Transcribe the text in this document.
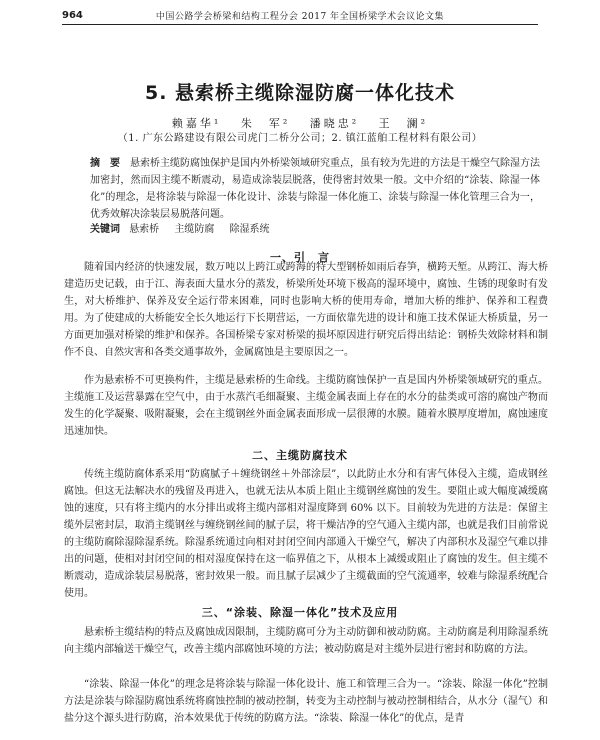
964	中国公路学会桥梁和结构工程分会 2017 年全国桥梁学术会议论文集
5. 悬索桥主缆除湿防腐一体化技术
赖嘉华¹ 朱　军² 潘晓忠² 王　澜²
（1. 广东公路建设有限公司虎门二桥分公司；2. 镇江蓝舶工程材料有限公司）
摘　要 悬索桥主缆防腐蚀保护是国内外桥梁领域研究重点，虽有较为先进的方法是干燥空气除湿方法加密封，然而因主缆不断震动，易造成涂装层脱落，使得密封效果一般。文中介绍的“涂装、除湿一体化”的理念，是将涂装与除湿一体化设计、涂装与除湿一体化施工、涂装与除湿一体化管理三合为一，优秀效解决涂装层易脱落问题。
关键词 悬索桥 主缆防腐 除湿系统
一、引　言

随着国内经济的快速发展，数万吨以上跨江或跨海的特大型钢桥如雨后春笋，横跨天堑。从跨江、海大桥建造历史记载，由于江、海表面大量水分的蒸发，桥梁所处环境下极高的湿环境中，腐蚀、生锈的现象时有发生，对大桥维护、保养及安全运行带来困难，同时也影响大桥的使用寿命，增加大桥的维护、保养和工程费用。为了使建成的大桥能安全长久地运行下长期营运，一方面依靠先进的设计和施工技术保证大桥质量，另一方面更加强对桥梁的维护和保养。各国桥梁专家对桥梁的损坏原因进行研究后得出结论：钢桥失效除材料和制作不良、自然灾害和各类交通事故外，金属腐蚀是主要原因之一。

作为悬索桥不可更换构件，主缆是悬索桥的生命线。主缆防腐蚀保护一直是国内外桥梁领域研究的重点。主缆施工及运营暴露在空气中，由于水蒸汽毛细凝聚、主缆金属表面上存在的水分的盐类或可溶的腐蚀产物而发生的化学凝聚、吸附凝聚，会在主缆钢丝外面金属表面形成一层很薄的水膜。随着水膜厚度增加，腐蚀速度迅速加快。

二、主缆防腐技术

传统主缆防腐体系采用“防腐腻子＋缠绕钢丝＋外部涂层”，以此防止水分和有害气体侵入主缆，造成钢丝腐蚀。但这无法解决水的残留及再进入，也就无法从本质上阻止主缆钢丝腐蚀的发生。要阻止或大幅度减缓腐蚀的速度，只有将主缆内的水分排出或将主缆内部相对湿度降到 60% 以下。目前较为先进的方法是：保留主缆外层密封层，取消主缆钢丝与缠绕钢丝间的腻子层，将干燥洁净的空气通入主缆内部，也就是我们目前常说的主缆防腐除湿除湿系统。除湿系统通过向相对封闭空间内部通入干燥空气，解决了内部积水及湿空气难以排出的问题，使相对封闭空间的相对湿度保持在这一临界值之下，从根本上减缓或阻止了腐蚀的发生。但主缆不断震动，造成涂装层易脱落，密封效果一般。而且腻子层减少了主缆截面的空气流通率，较难与除湿系统配合使用。

三、“涂装、除湿一体化”技术及应用

悬索桥主缆结构的特点及腐蚀成因限制，主缆防腐可分为主动防御和被动防腐。主动防腐是利用除湿系统向主缆内部输送干燥空气，改善主缆内部腐蚀环境的方法；被动防腐是对主缆外层进行密封和防腐的方法。

“涂装、除湿一体化”的理念是将涂装与除湿一体化设计、施工和管理三合为一。“涂装、除湿一体化”控制方法是涂装与除湿防腐蚀系统将腐蚀控制的被动控制，转变为主动控制与被动控制相结合，从水分（湿气）和盐分这个源头进行防腐，治本效果优于传统的防腐方法。“涂装、除湿一体化”的优点，是青
